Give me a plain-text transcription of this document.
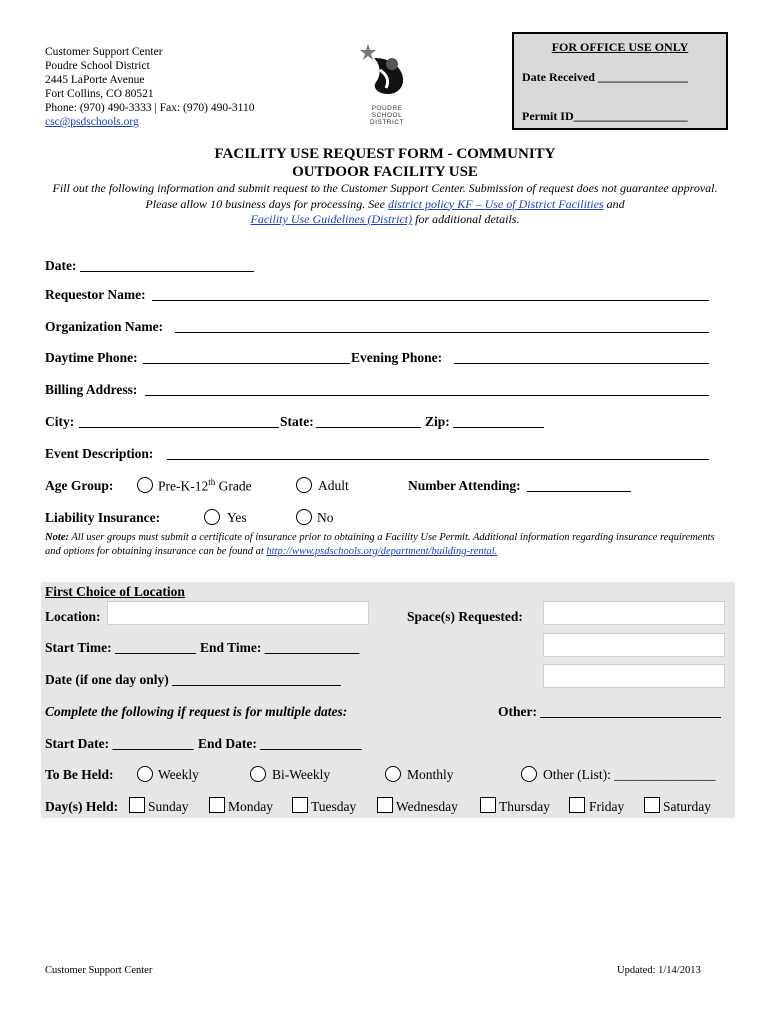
Customer Support Center
Poudre School District
2445 LaPorte Avenue
Fort Collins, CO 80521
Phone: (970) 490-3333 | Fax: (970) 490-3110
csc@psdschools.org
POUDRE
SCHOOL
DISTRICT
FOR OFFICE USE ONLY
Date Received _______________
Permit ID___________________
FACILITY USE REQUEST FORM - COMMUNITY
OUTDOOR FACILITY USE
Fill out the following information and submit request to the Customer Support Center. Submission of request does not guarantee approval. Please allow 10 business days for processing. See district policy KF – Use of District Facilities and
Facility Use Guidelines (District) for additional details.
Date:
Requestor Name:
Organization Name:
Daytime Phone:	Evening Phone:
Billing Address:
City:	State:	Zip:
Event Description:
Age Group:	Pre-K-12th Grade	Adult	Number Attending:
Liability Insurance:	Yes	No
Note: All user groups must submit a certificate of insurance prior to obtaining a Facility Use Permit. Additional information regarding insurance requirements and options for obtaining insurance can be found at http://www.psdschools.org/department/building-rental.
First Choice of Location
Location:	Space(s) Requested:
Start Time: ____________ End Time: ______________
Date (if one day only) _________________________
Complete the following if request is for multiple dates:	Other:
Start Date: ____________ End Date: _______________
To Be Held:	Weekly	Bi-Weekly	Monthly	Other (List): _______________
Day(s) Held: Sunday	Monday	Tuesday	Wednesday	Thursday	Friday	Saturday
Customer Support Center	Updated: 1/14/2013
